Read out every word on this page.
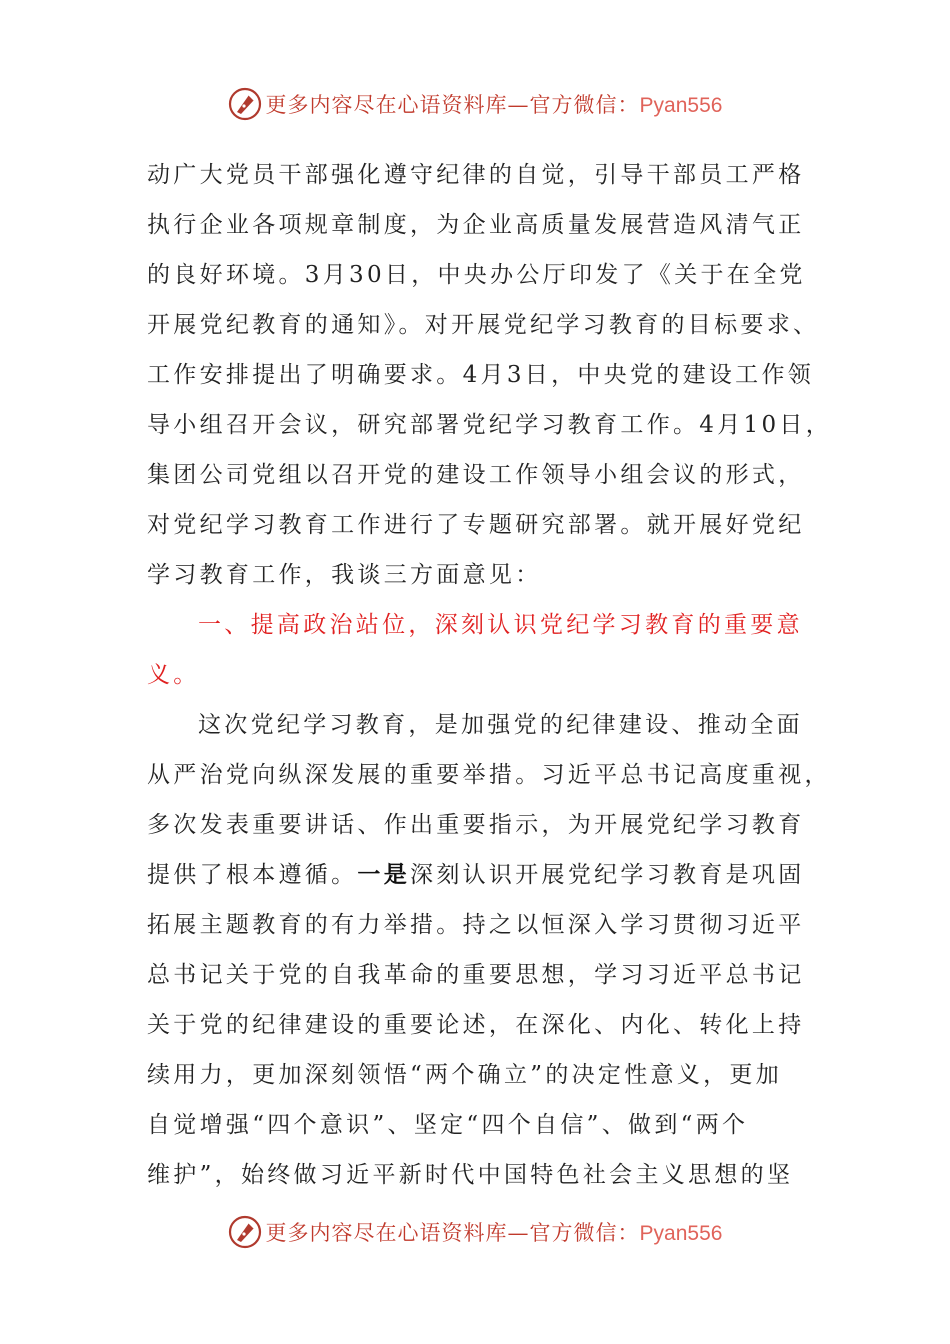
更多内容尽在心语资料库—官方微信：Pyan556
动广大党员干部强化遵守纪律的自觉，引导干部员工严格
执行企业各项规章制度，为企业高质量发展营造风清气正
的良好环境。3月30日，中央办公厅印发了《关于在全党
开展党纪教育的通知》。对开展党纪学习教育的目标要求、
工作安排提出了明确要求。4月3日，中央党的建设工作领
导小组召开会议，研究部署党纪学习教育工作。4月10日，
集团公司党组以召开党的建设工作领导小组会议的形式，
对党纪学习教育工作进行了专题研究部署。就开展好党纪
学习教育工作，我谈三方面意见：
一、提高政治站位，深刻认识党纪学习教育的重要意
义。
这次党纪学习教育，是加强党的纪律建设、推动全面
从严治党向纵深发展的重要举措。习近平总书记高度重视，
多次发表重要讲话、作出重要指示，为开展党纪学习教育
提供了根本遵循。一是深刻认识开展党纪学习教育是巩固
拓展主题教育的有力举措。持之以恒深入学习贯彻习近平
总书记关于党的自我革命的重要思想，学习习近平总书记
关于党的纪律建设的重要论述，在深化、内化、转化上持
续用力，更加深刻领悟“两个确立”的决定性意义，更加
自觉增强“四个意识”、坚定“四个自信”、做到“两个
维护”，始终做习近平新时代中国特色社会主义思想的坚
更多内容尽在心语资料库—官方微信：Pyan556
